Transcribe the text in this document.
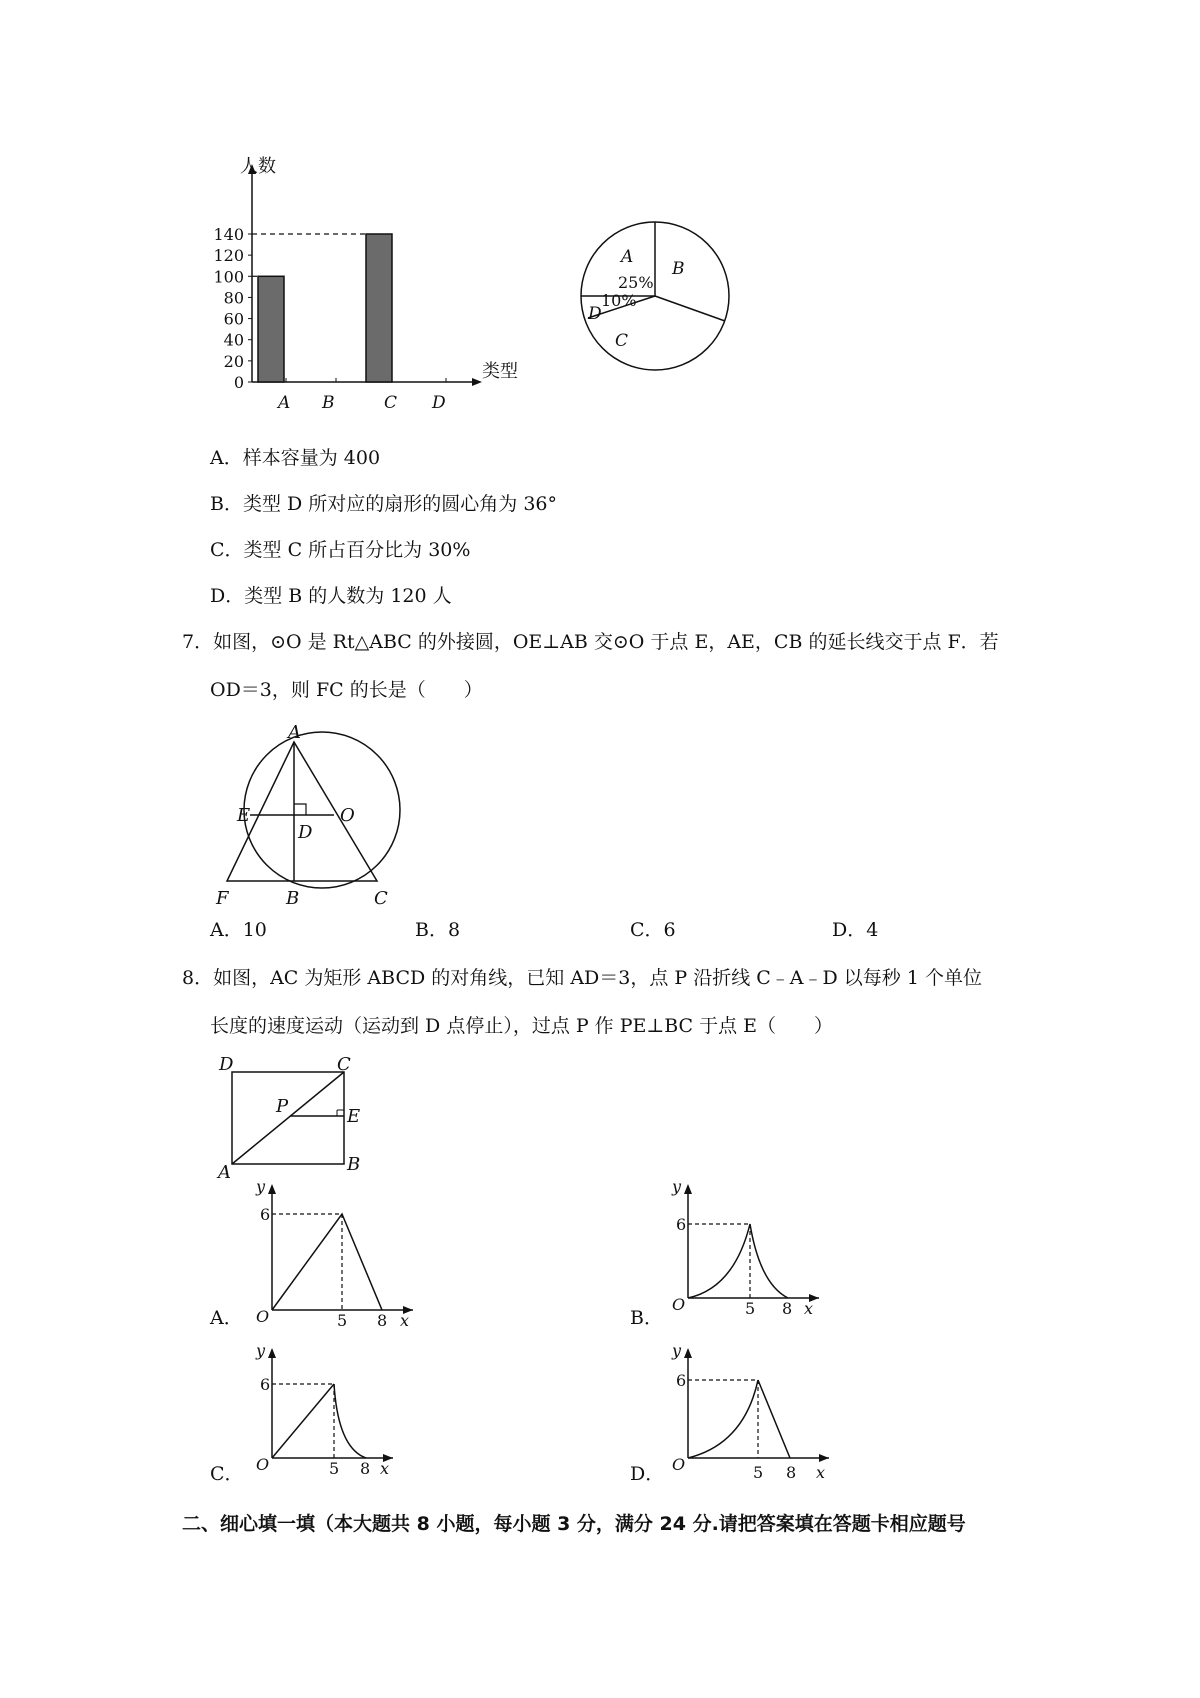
0
20
40
60
80
100
120
140
A B	C D
人数
类型
A
B
C
D
25%
10%
A．样本容量为 400
B．类型 D 所对应的扇形的圆心角为 36°
C．类型 C 所占百分比为 30%
D．类型 B 的人数为 120 人
7．如图，⊙O 是 Rt△ABC 的外接圆，OE⊥AB 交⊙O 于点 E，AE，CB 的延长线交于点 F．若
OD＝3，则 FC 的长是（　　）
A
E	O
D
F	B	C
A．10	B．8	C．6	D．4
8．如图，AC 为矩形 ABCD 的对角线，已知 AD＝3，点 P 沿折线 C﹣A﹣D 以每秒 1 个单位
长度的速度运动（运动到 D 点停止），过点 P 作 PE⊥BC 于点 E（　　）
D	C
P	E
A	B
A．
y
6
O	5 8 x	B．
y
6
O	5 8 x
C．
y
6
O	5 8 x	D．
y
6
O	5 8 x
二、细心填一填（本大题共 8 小题，每小题 3 分，满分 24 分.请把答案填在答题卡相应题号
